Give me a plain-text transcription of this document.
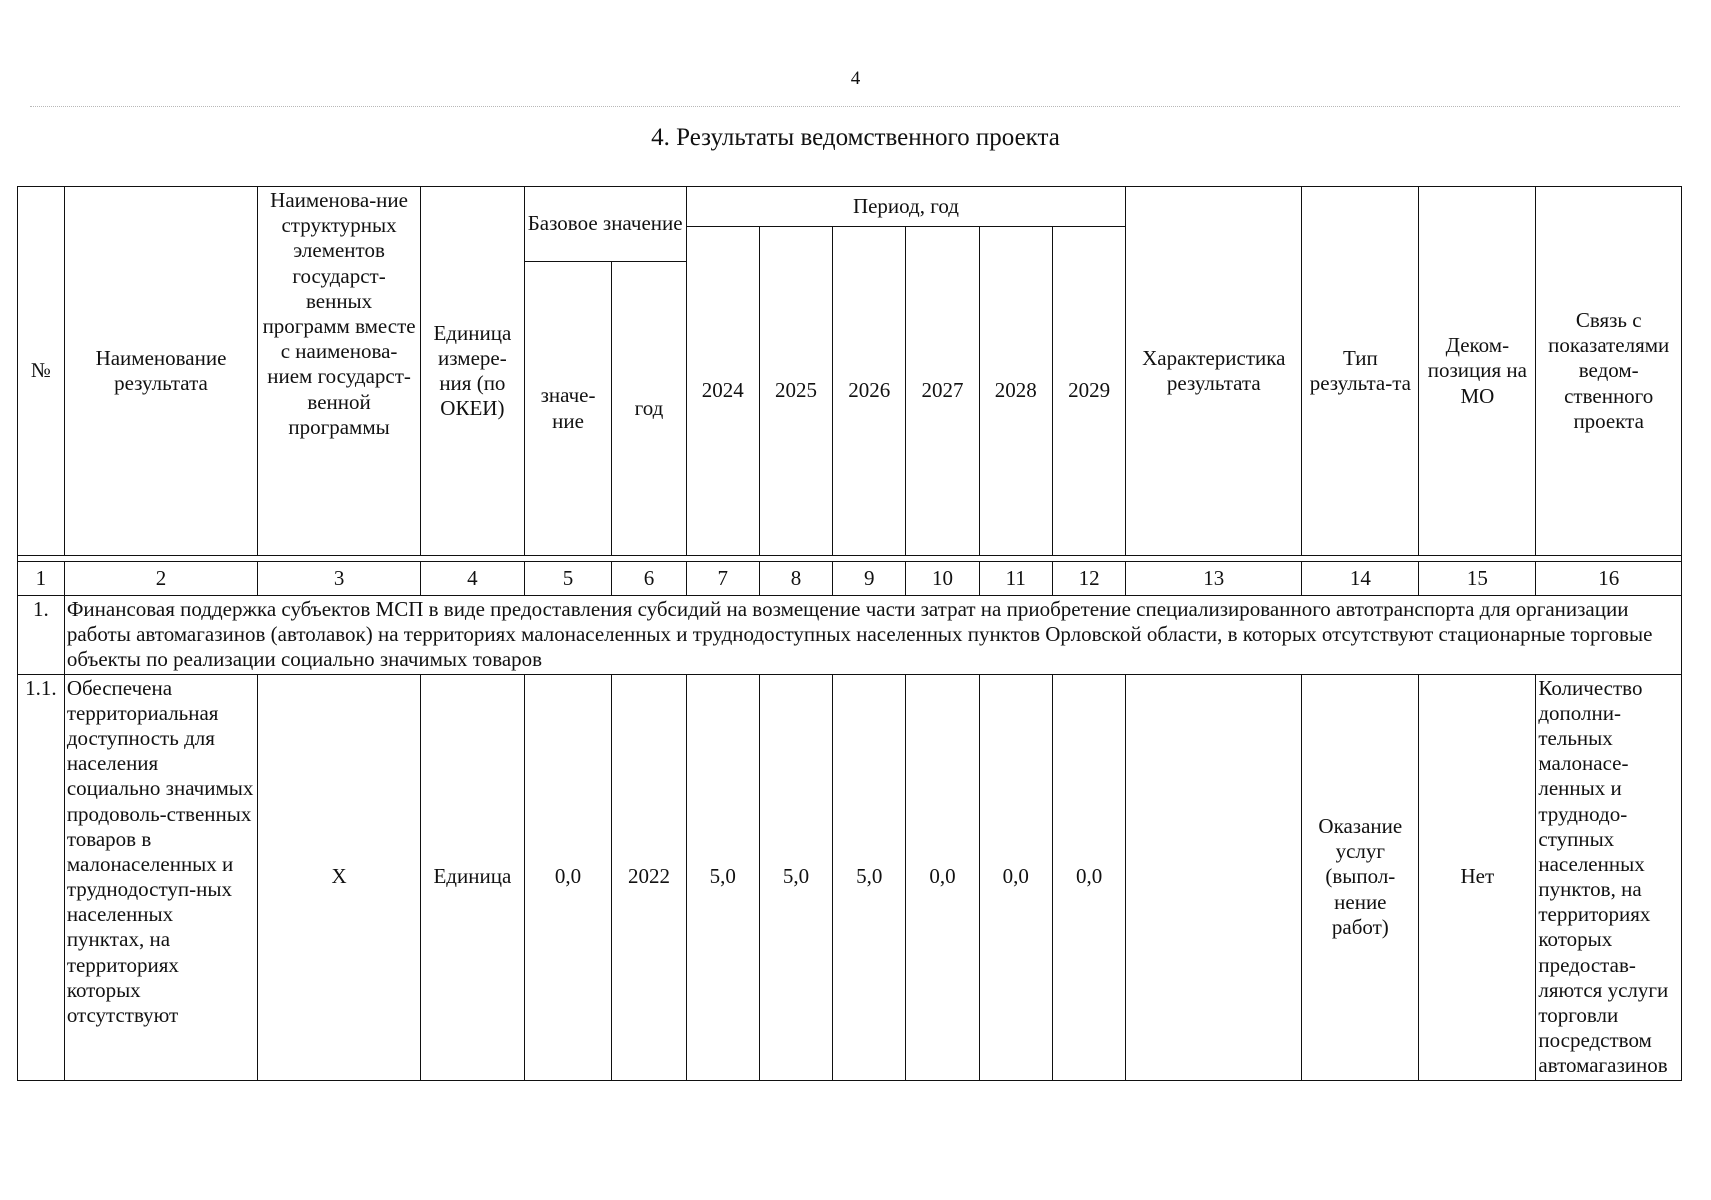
4
4. Результаты ведомственного проекта
№	Наименование результата	Наименова-ние структурных элементов государст-венных программ вместе с наименова-нием государст-венной программы	Единица измере-ния (по ОКЕИ)	Базовое значение		Период, год						Характеристика результата	Тип результа-та	Деком-позиция на МО	Связь с показателями ведом-ственного проекта
						2024	2025	2026	2027	2028	2029				
				значе-ние	год										

1	2	3	4	5	6	7	8	9	10	11	12	13	14	15	16
1.	Финансовая поддержка субъектов МСП в виде предоставления субсидий на возмещение части затрат на приобретение специализированного автотранспорта для организации работы автомагазинов (автолавок) на территориях малонаселенных и труднодоступных населенных пунктов Орловской области, в которых отсутствуют стационарные торговые объекты по реализации социально значимых товаров														
1.1.	Обеспечена территориальная доступность для населения социально значимых продоволь-ственных товаров в малонаселенных и труднодоступ-ных населенных пунктах, на территориях которых отсутствуют	Х	Единица	0,0	2022	5,0	5,0	5,0	0,0	0,0	0,0		Оказание услуг (выпол-нение работ)	Нет	Количество дополни-тельных малонасе-ленных и труднодо-ступных населенных пунктов, на территориях которых предостав-ляются услуги торговли посредством автомагазинов
